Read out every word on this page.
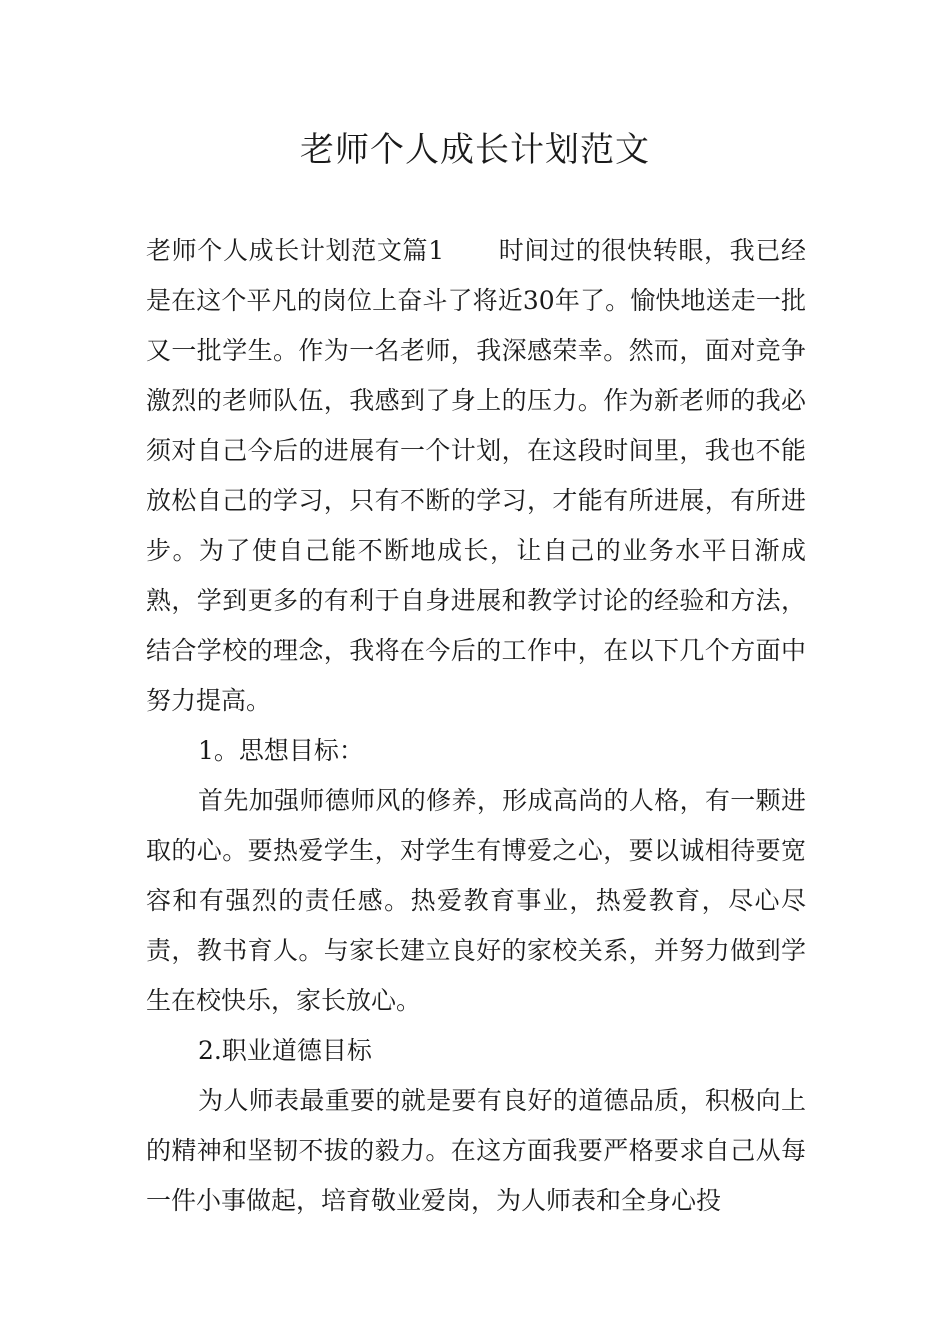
老师个人成长计划范文

老师个人成长计划范文篇1 时间过的很快转眼，我已经是在这个平凡的岗位上奋斗了将近30年了。愉快地送走一批又一批学生。作为一名老师，我深感荣幸。然而，面对竞争激烈的老师队伍，我感到了身上的压力。作为新老师的我必须对自己今后的进展有一个计划，在这段时间里，我也不能放松自己的学习，只有不断的学习，才能有所进展，有所进步。为了使自己能不断地成长，让自己的业务水平日渐成熟，学到更多的有利于自身进展和教学讨论的经验和方法，结合学校的理念，我将在今后的工作中，在以下几个方面中努力提高。

1。思想目标：

首先加强师德师风的修养，形成高尚的人格，有一颗进取的心。要热爱学生，对学生有博爱之心，要以诚相待要宽容和有强烈的责任感。热爱教育事业，热爱教育，尽心尽责，教书育人。与家长建立良好的家校关系，并努力做到学生在校快乐，家长放心。

2.职业道德目标

为人师表最重要的就是要有良好的道德品质，积极向上的精神和坚韧不拔的毅力。在这方面我要严格要求自己从每一件小事做起，培育敬业爱岗，为人师表和全身心投
